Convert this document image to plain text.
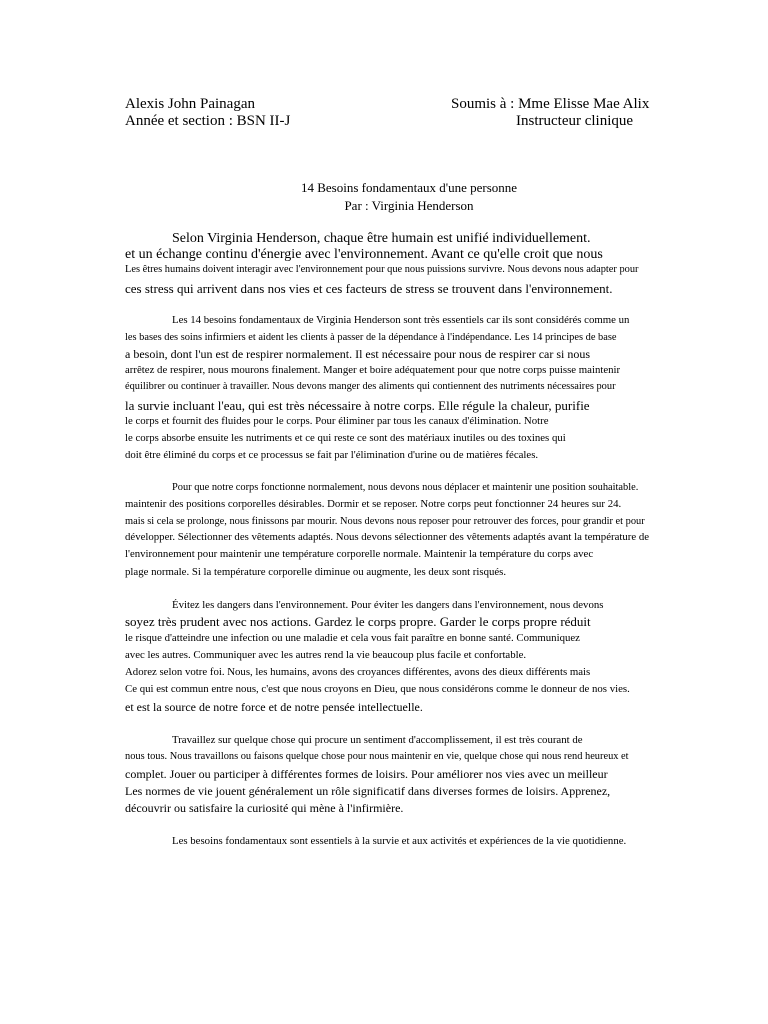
Alexis John Painagan
Année et section : BSN II-J
Soumis à : Mme Elisse Mae Alix
Instructeur clinique
14 Besoins fondamentaux d'une personne
Par : Virginia Henderson
Selon Virginia Henderson, chaque être humain est unifié individuellement.
et un échange continu d'énergie avec l'environnement. Avant ce qu'elle croit que nous
Les êtres humains doivent interagir avec l'environnement pour que nous puissions survivre. Nous devons nous adapter pour
ces stress qui arrivent dans nos vies et ces facteurs de stress se trouvent dans l'environnement.
Les 14 besoins fondamentaux de Virginia Henderson sont très essentiels car ils sont considérés comme un
les bases des soins infirmiers et aident les clients à passer de la dépendance à l'indépendance. Les 14 principes de base
a besoin, dont l'un est de respirer normalement. Il est nécessaire pour nous de respirer car si nous
arrêtez de respirer, nous mourons finalement. Manger et boire adéquatement pour que notre corps puisse maintenir
équilibrer ou continuer à travailler. Nous devons manger des aliments qui contiennent des nutriments nécessaires pour
la survie incluant l'eau, qui est très nécessaire à notre corps. Elle régule la chaleur, purifie
le corps et fournit des fluides pour le corps. Pour éliminer par tous les canaux d'élimination. Notre
le corps absorbe ensuite les nutriments et ce qui reste ce sont des matériaux inutiles ou des toxines qui
doit être éliminé du corps et ce processus se fait par l'élimination d'urine ou de matières fécales.
Pour que notre corps fonctionne normalement, nous devons nous déplacer et maintenir une position souhaitable.
maintenir des positions corporelles désirables. Dormir et se reposer. Notre corps peut fonctionner 24 heures sur 24.
mais si cela se prolonge, nous finissons par mourir. Nous devons nous reposer pour retrouver des forces, pour grandir et pour
développer. Sélectionner des vêtements adaptés. Nous devons sélectionner des vêtements adaptés avant la température de
l'environnement pour maintenir une température corporelle normale. Maintenir la température du corps avec
plage normale. Si la température corporelle diminue ou augmente, les deux sont risqués.
Évitez les dangers dans l'environnement. Pour éviter les dangers dans l'environnement, nous devons
soyez très prudent avec nos actions. Gardez le corps propre. Garder le corps propre réduit
le risque d'atteindre une infection ou une maladie et cela vous fait paraître en bonne santé. Communiquez
avec les autres. Communiquer avec les autres rend la vie beaucoup plus facile et confortable.
Adorez selon votre foi. Nous, les humains, avons des croyances différentes, avons des dieux différents mais
Ce qui est commun entre nous, c'est que nous croyons en Dieu, que nous considérons comme le donneur de nos vies.
et est la source de notre force et de notre pensée intellectuelle.
Travaillez sur quelque chose qui procure un sentiment d'accomplissement, il est très courant de
nous tous. Nous travaillons ou faisons quelque chose pour nous maintenir en vie, quelque chose qui nous rend heureux et
complet. Jouer ou participer à différentes formes de loisirs. Pour améliorer nos vies avec un meilleur
Les normes de vie jouent généralement un rôle significatif dans diverses formes de loisirs. Apprenez,
découvrir ou satisfaire la curiosité qui mène à l'infirmière.
Les besoins fondamentaux sont essentiels à la survie et aux activités et expériences de la vie quotidienne.
